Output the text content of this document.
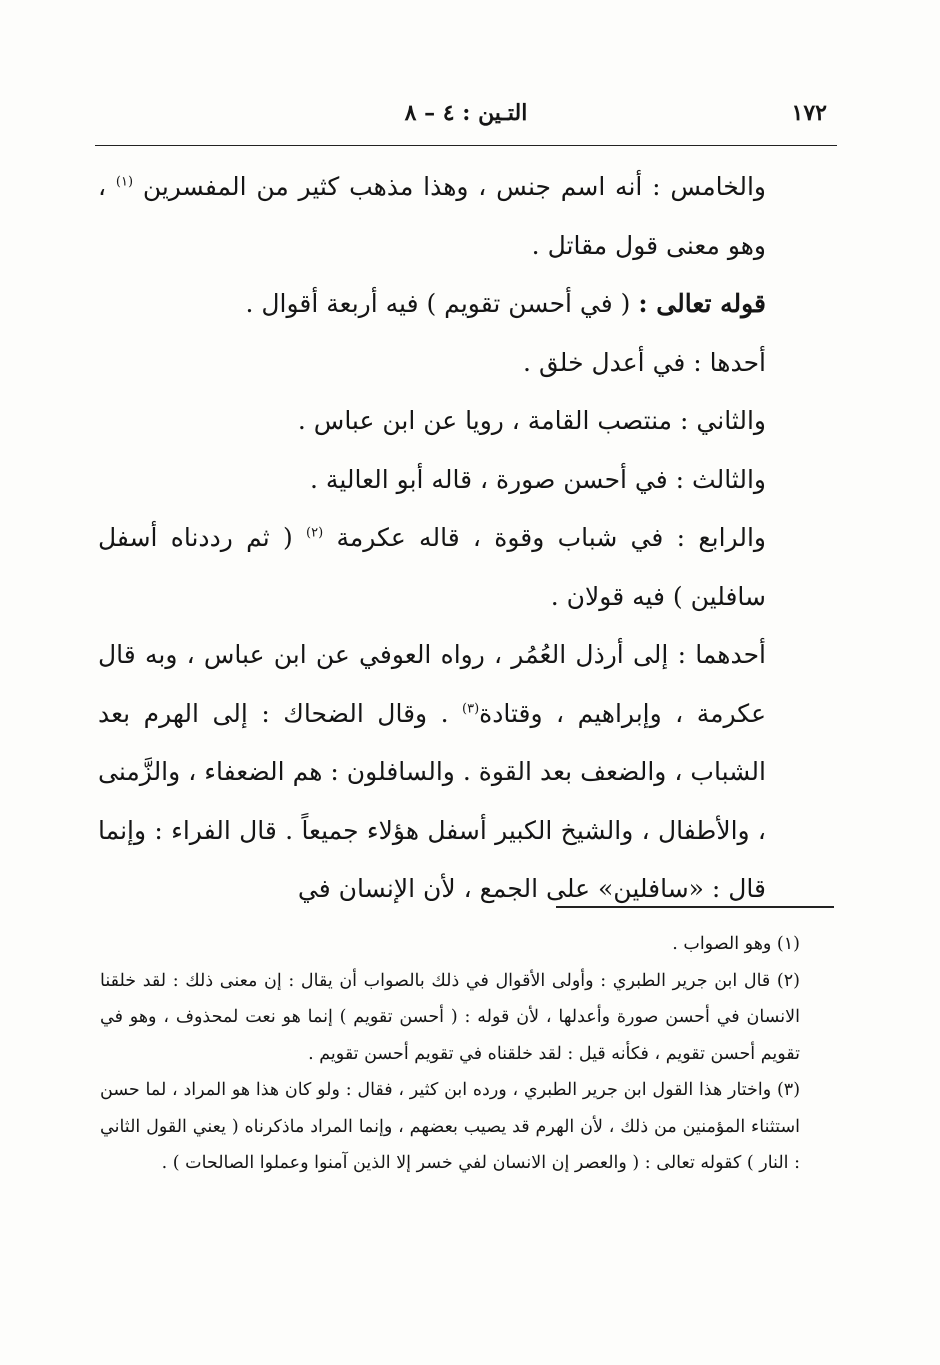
١٧٢
التـين : ٤ – ٨

والخامس : أنه اسم جنس ، وهذا مذهب كثير من المفسرين $^{(١)}$ ، وهو معنى قول مقاتل .

قوله تعالى : ( في أحسن تقويم ) فيه أربعة أقوال .

أحدها : في أعدل خلق .

والثاني : منتصب القامة ، رويا عن ابن عباس .

والثالث : في أحسن صورة ، قاله أبو العالية .

والرابع : في شباب وقوة ، قاله عكرمة $^{(٢)}$ ( ثم رددناه أسفل سافلين ) فيه قولان .

أحدهما : إلى أرذل العُمُر ، رواه العوفي عن ابن عباس ، وبه قال عكرمة ، وإبراهيم ، وقتادة$^{(٣)}$ . وقال الضحاك : إلى الهرم بعد الشباب ، والضعف بعد القوة . والسافلون : هم الضعفاء ، والزَّمنى ، والأطفال ، والشيخ الكبير أسفل هؤلاء جميعاً . قال الفراء : وإنما قال : «سافلين» على الجمع ، لأن الإنسان في

(١) وهو الصواب .

(٢) قال ابن جرير الطبري : وأولى الأقوال في ذلك بالصواب أن يقال : إن معنى ذلك : لقد خلقنا الانسان في أحسن صورة وأعدلها ، لأن قوله : ( أحسن تقويم ) إنما هو نعت لمحذوف ، وهو في تقويم أحسن تقويم ، فكأنه قيل : لقد خلقناه في تقويم أحسن تقويم .

(٣) واختار هذا القول ابن جرير الطبري ، ورده ابن كثير ، فقال : ولو كان هذا هو المراد ، لما حسن استثناء المؤمنين من ذلك ، لأن الهرم قد يصيب بعضهم ، وإنما المراد ماذكرناه ( يعني القول الثاني : النار ) كقوله تعالى : ( والعصر إن الانسان لفي خسر إلا الذين آمنوا وعملوا الصالحات ) .
